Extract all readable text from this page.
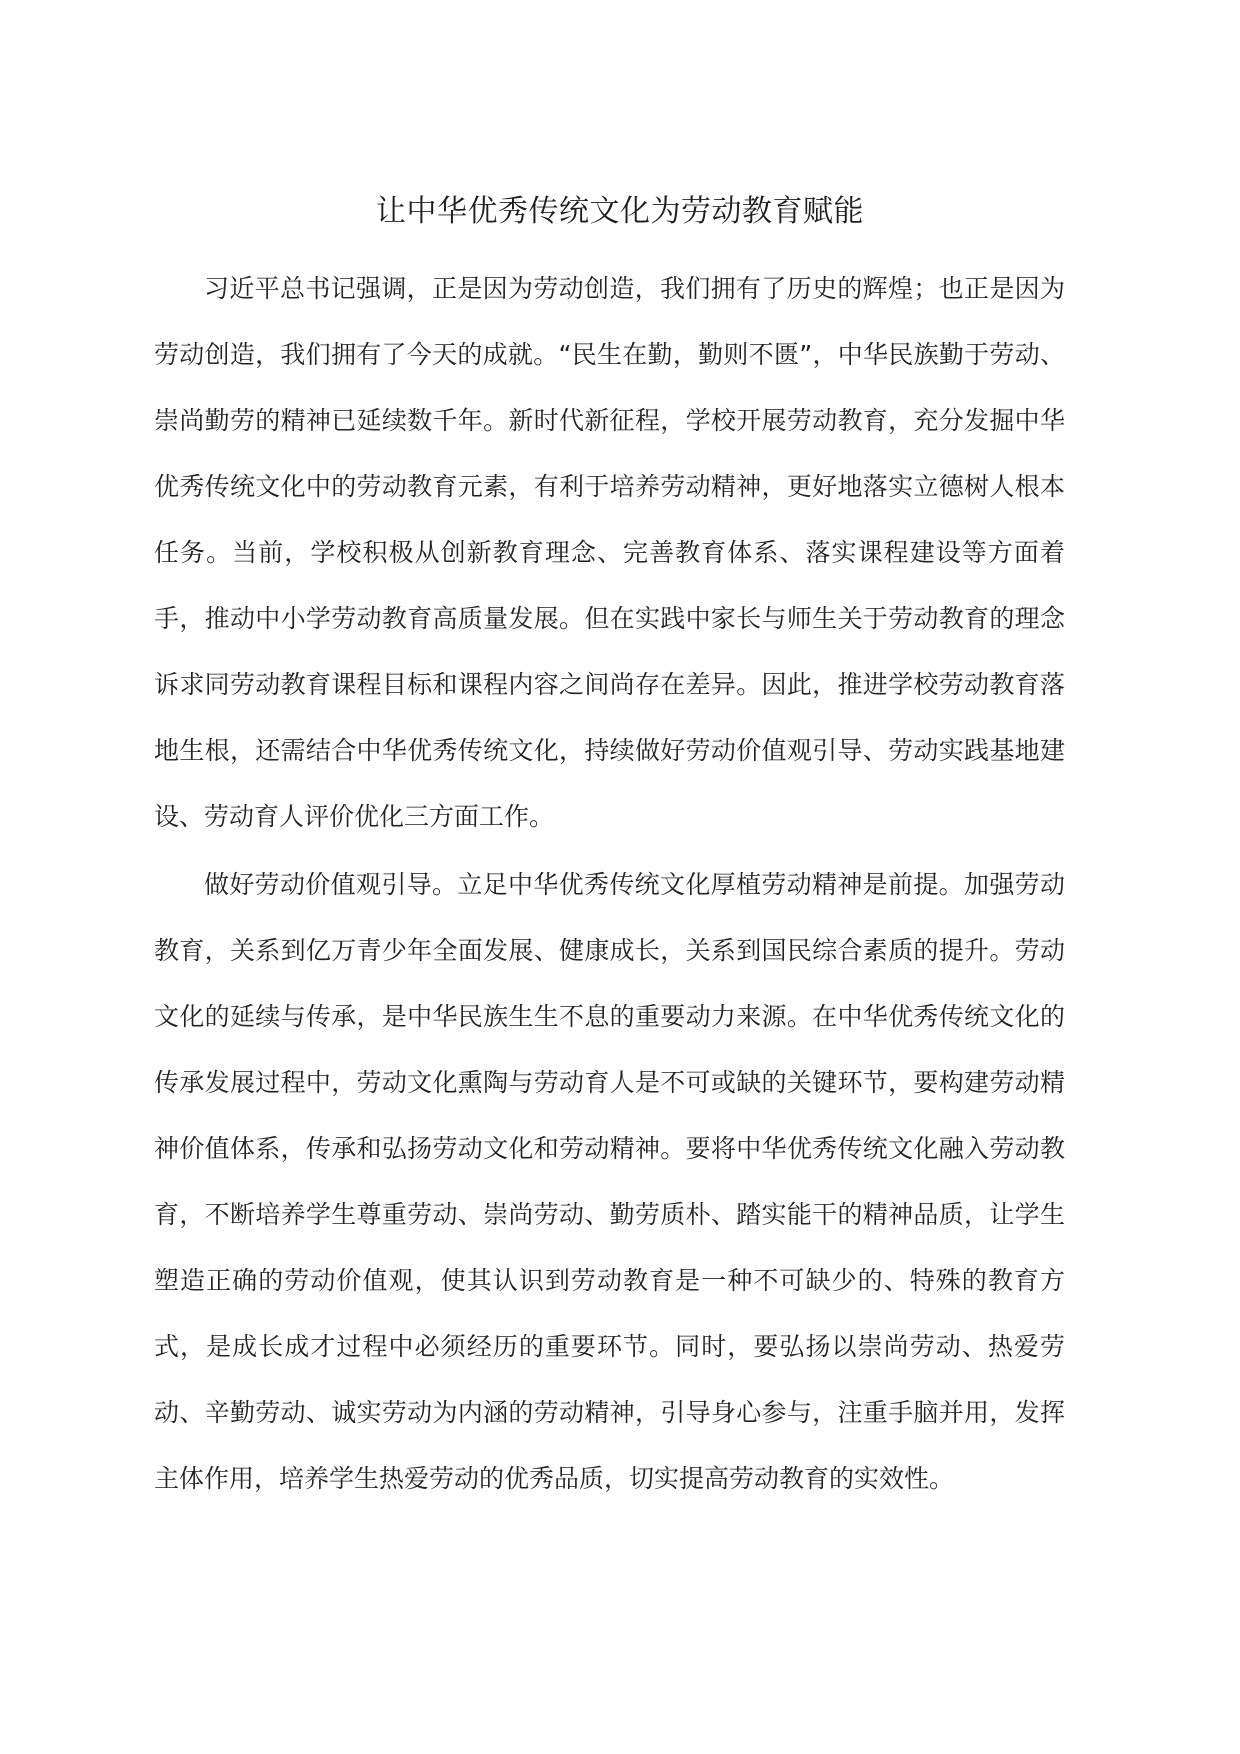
让中华优秀传统文化为劳动教育赋能

习近平总书记强调，正是因为劳动创造，我们拥有了历史的辉煌；也正是因为劳动创造，我们拥有了今天的成就。“民生在勤，勤则不匮”，中华民族勤于劳动、崇尚勤劳的精神已延续数千年。新时代新征程，学校开展劳动教育，充分发掘中华优秀传统文化中的劳动教育元素，有利于培养劳动精神，更好地落实立德树人根本任务。当前，学校积极从创新教育理念、完善教育体系、落实课程建设等方面着手，推动中小学劳动教育高质量发展。但在实践中家长与师生关于劳动教育的理念诉求同劳动教育课程目标和课程内容之间尚存在差异。因此，推进学校劳动教育落地生根，还需结合中华优秀传统文化，持续做好劳动价值观引导、劳动实践基地建设、劳动育人评价优化三方面工作。

做好劳动价值观引导。立足中华优秀传统文化厚植劳动精神是前提。加强劳动教育，关系到亿万青少年全面发展、健康成长，关系到国民综合素质的提升。劳动文化的延续与传承，是中华民族生生不息的重要动力来源。在中华优秀传统文化的传承发展过程中，劳动文化熏陶与劳动育人是不可或缺的关键环节，要构建劳动精神价值体系，传承和弘扬劳动文化和劳动精神。要将中华优秀传统文化融入劳动教育，不断培养学生尊重劳动、崇尚劳动、勤劳质朴、踏实能干的精神品质，让学生塑造正确的劳动价值观，使其认识到劳动教育是一种不可缺少的、特殊的教育方式，是成长成才过程中必须经历的重要环节。同时，要弘扬以崇尚劳动、热爱劳动、辛勤劳动、诚实劳动为内涵的劳动精神，引导身心参与，注重手脑并用，发挥主体作用，培养学生热爱劳动的优秀品质，切实提高劳动教育的实效性。
